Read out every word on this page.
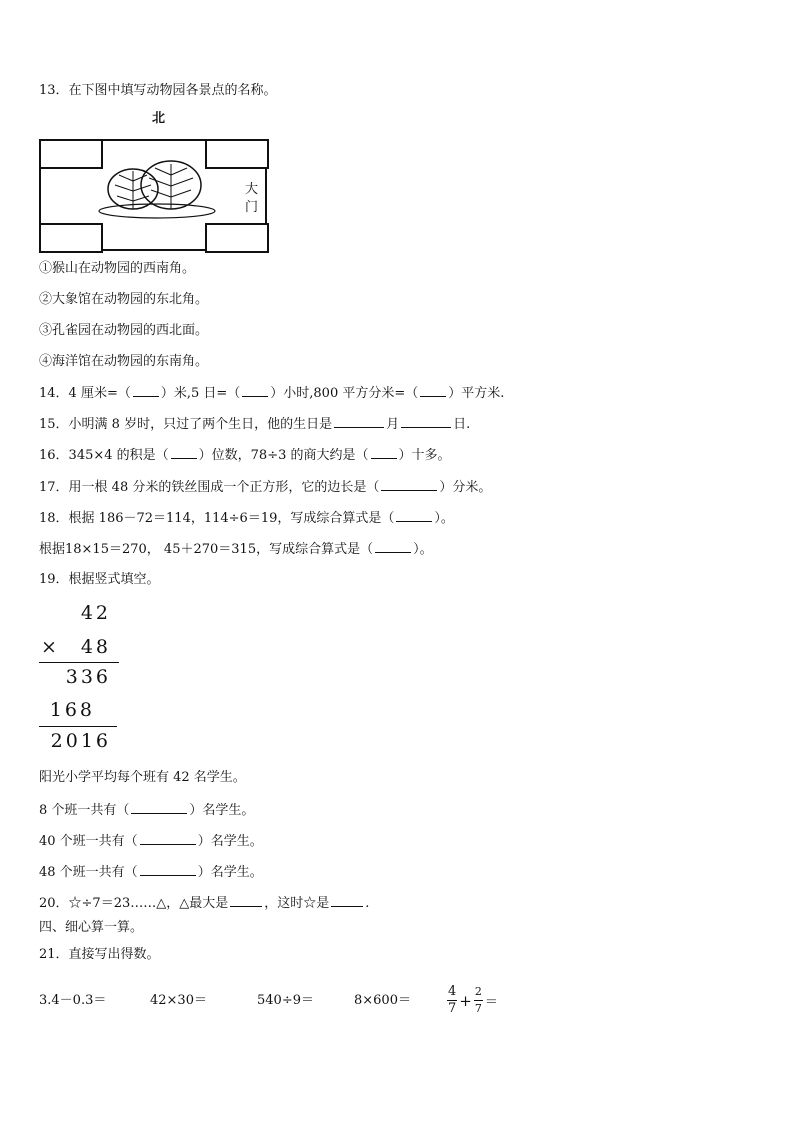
13．在下图中填写动物园各景点的名称。
北
大
门
①猴山在动物园的西南角。
②大象馆在动物园的东北角。
③孔雀园在动物园的西北面。
④海洋馆在动物园的东南角。
14．4 厘米=（ ）米,5 日=（ ）小时,800 平方分米=（ ）平方米.
15．小明满 8 岁时，只过了两个生日，他的生日是	月	日.
16．345×4 的积是（ ）位数，78÷3 的商大约是（ ）十多。
17．用一根 48 分米的铁丝围成一个正方形，它的边长是（	）分米。
18．根据 186－72＝114，114÷6＝19，写成综合算式是（	）。
根据18×15＝270， 45＋270＝315，写成综合算式是（	）。
19．根据竖式填空。
42
× 48
336
168
2016
阳光小学平均每个班有 42 名学生。
8 个班一共有（	）名学生。
40 个班一共有（	）名学生。
48 个班一共有（	）名学生。
20．☆÷7＝23……△，△最大是	，这时☆是	.
四、细心算一算。
21．直接写出得数。
3.4－0.3＝	42×30＝	540÷9＝	8×600＝	$\frac{4}{7} + \frac{2}{7}$ ＝
